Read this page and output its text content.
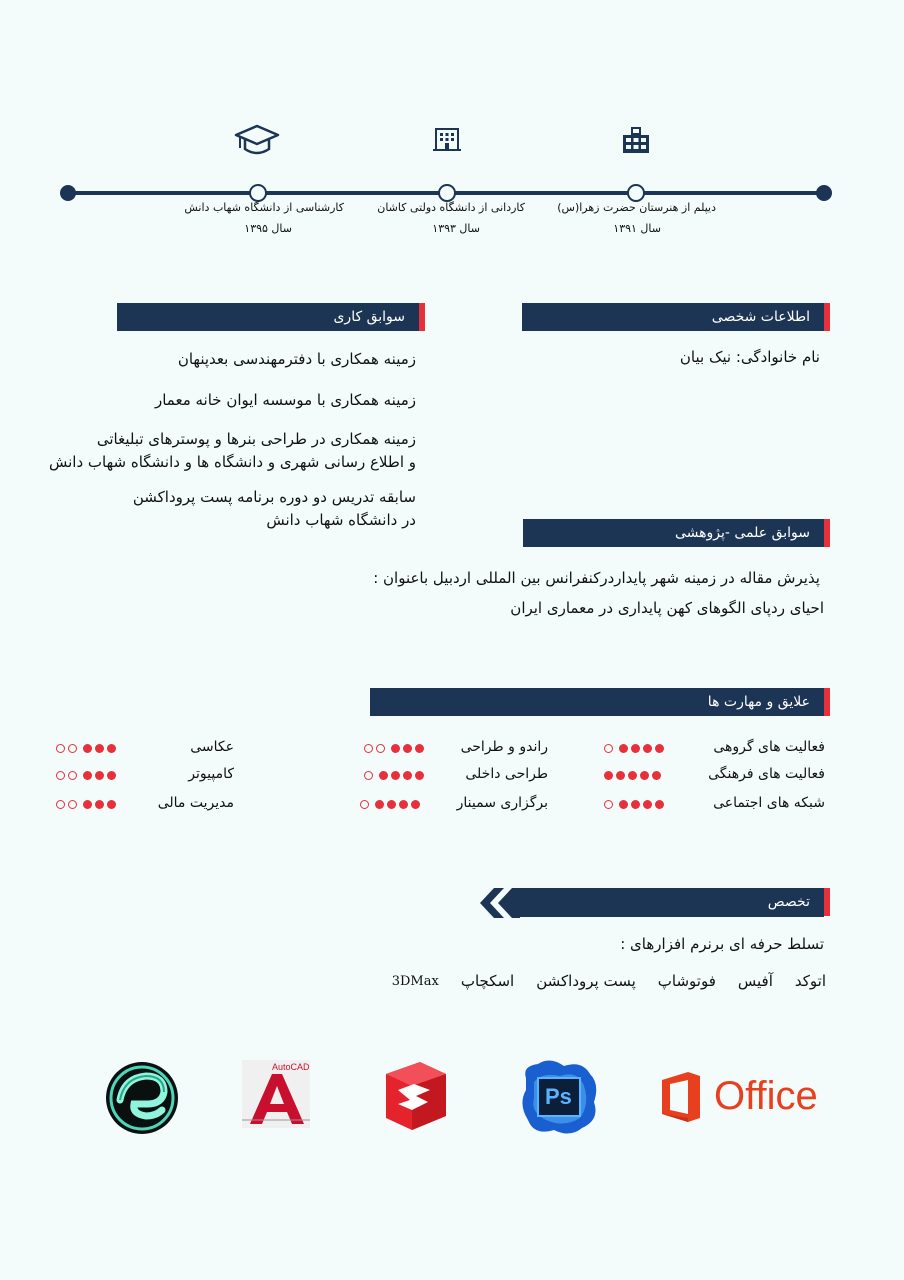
دیپلم از هنرستان حضرت زهرا(س)
سال ۱۳۹۱
کاردانی از دانشگاه دولتی کاشان
سال ۱۳۹۳
کارشناسی از دانشگاه شهاب دانش
سال ۱۳۹۵
اطلاعات شخصی
نام خانوادگی: نیک بیان
سوابق کاری
زمینه همکاری با دفترمهندسی بعدپنهان
زمینه همکاری با موسسه ایوان خانه معمار
زمینه همکاری در طراحی بنرها و پوسترهای تبلیغاتی
و اطلاع رسانی شهری و دانشگاه ها و دانشگاه شهاب دانش
سابقه تدریس دو دوره برنامه پست پروداکشن
در دانشگاه شهاب دانش
سوابق علمی -پژوهشی
پذیرش مقاله در زمینه شهر پایداردرکنفرانس بین المللی اردبیل باعنوان :
احیای ردپای الگوهای کهن پایداری در معماری ایران
علایق و مهارت ها
فعالیت های گروهی
فعالیت های فرهنگی
شبکه های اجتماعی
راندو و طراحی
طراحی داخلی
برگزاری سمینار
عکاسی
کامپیوتر
مدیریت مالی
تخصص
تسلط حرفه ای برنرم افزارهای :
اتوکد
آفیس
فوتوشاپ
پست پروداکشن
اسکچاپ
3DMax
Office
Ps
AutoCAD
